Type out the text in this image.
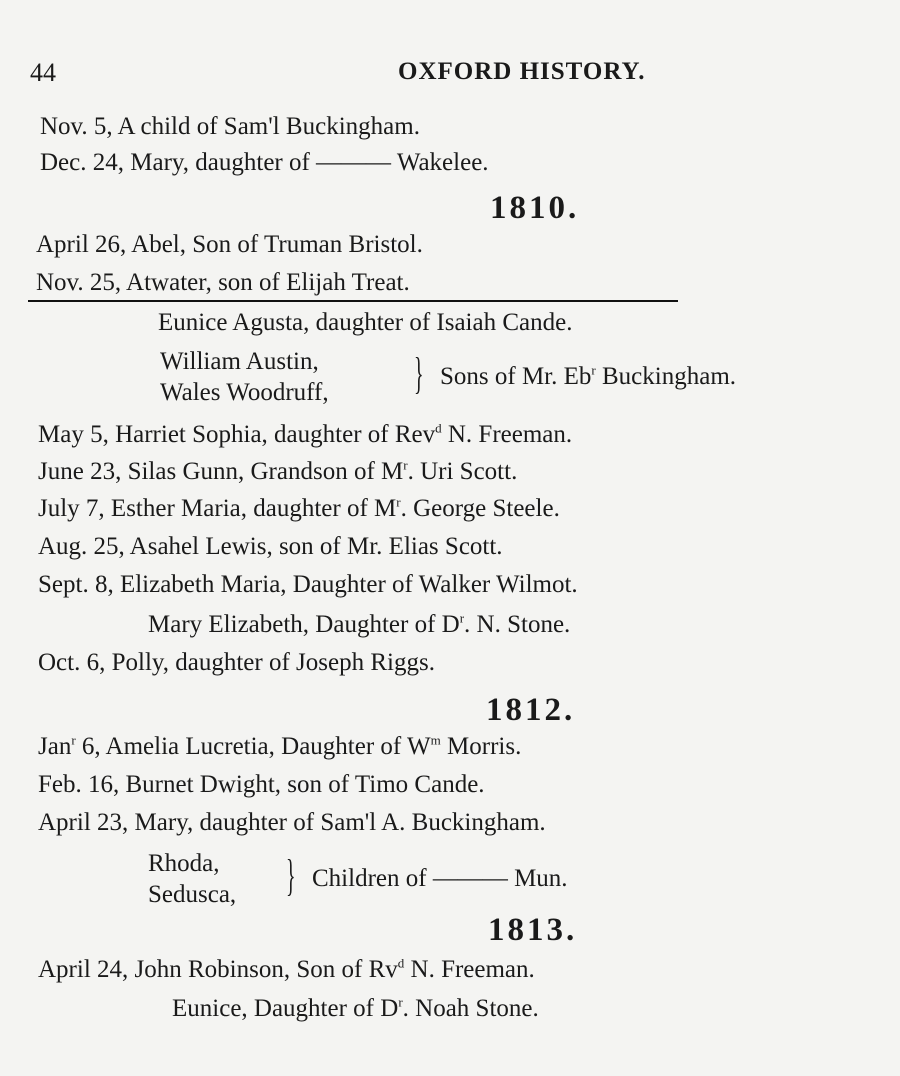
44	OXFORD HISTORY.
Nov. 5, A child of Sam'l Buckingham.
Dec. 24, Mary, daughter of ——— Wakelee.
1810.
April 26, Abel, Son of Truman Bristol.
Nov. 25, Atwater, son of Elijah Treat.
Eunice Agusta, daughter of Isaiah Cande.
William Austin,
Wales Woodruff, } Sons of Mr. Eb$^r$ Buckingham.
May 5, Harriet Sophia, daughter of Rev$^d$ N. Freeman.
June 23, Silas Gunn, Grandson of $M^r$. Uri Scott.
July 7, Esther Maria, daughter of $M^r$. George Steele.
Aug. 25, Asahel Lewis, son of Mr. Elias Scott.
Sept. 8, Elizabeth Maria, Daughter of Walker Wilmot.
Mary Elizabeth, Daughter of $D^r$. N. Stone.
Oct. 6, Polly, daughter of Joseph Riggs.
1812.
Jan$^r$ 6, Amelia Lucretia, Daughter of $W^m$ Morris.
Feb. 16, Burnet Dwight, son of Timo Cande.
April 23, Mary, daughter of Sam'l A. Buckingham.
Rhoda,
Sedusca, } Children of ——— Mun.
1813.
April 24, John Robinson, Son of Rv$^d$ N. Freeman.
Eunice, Daughter of $D^r$. Noah Stone.
